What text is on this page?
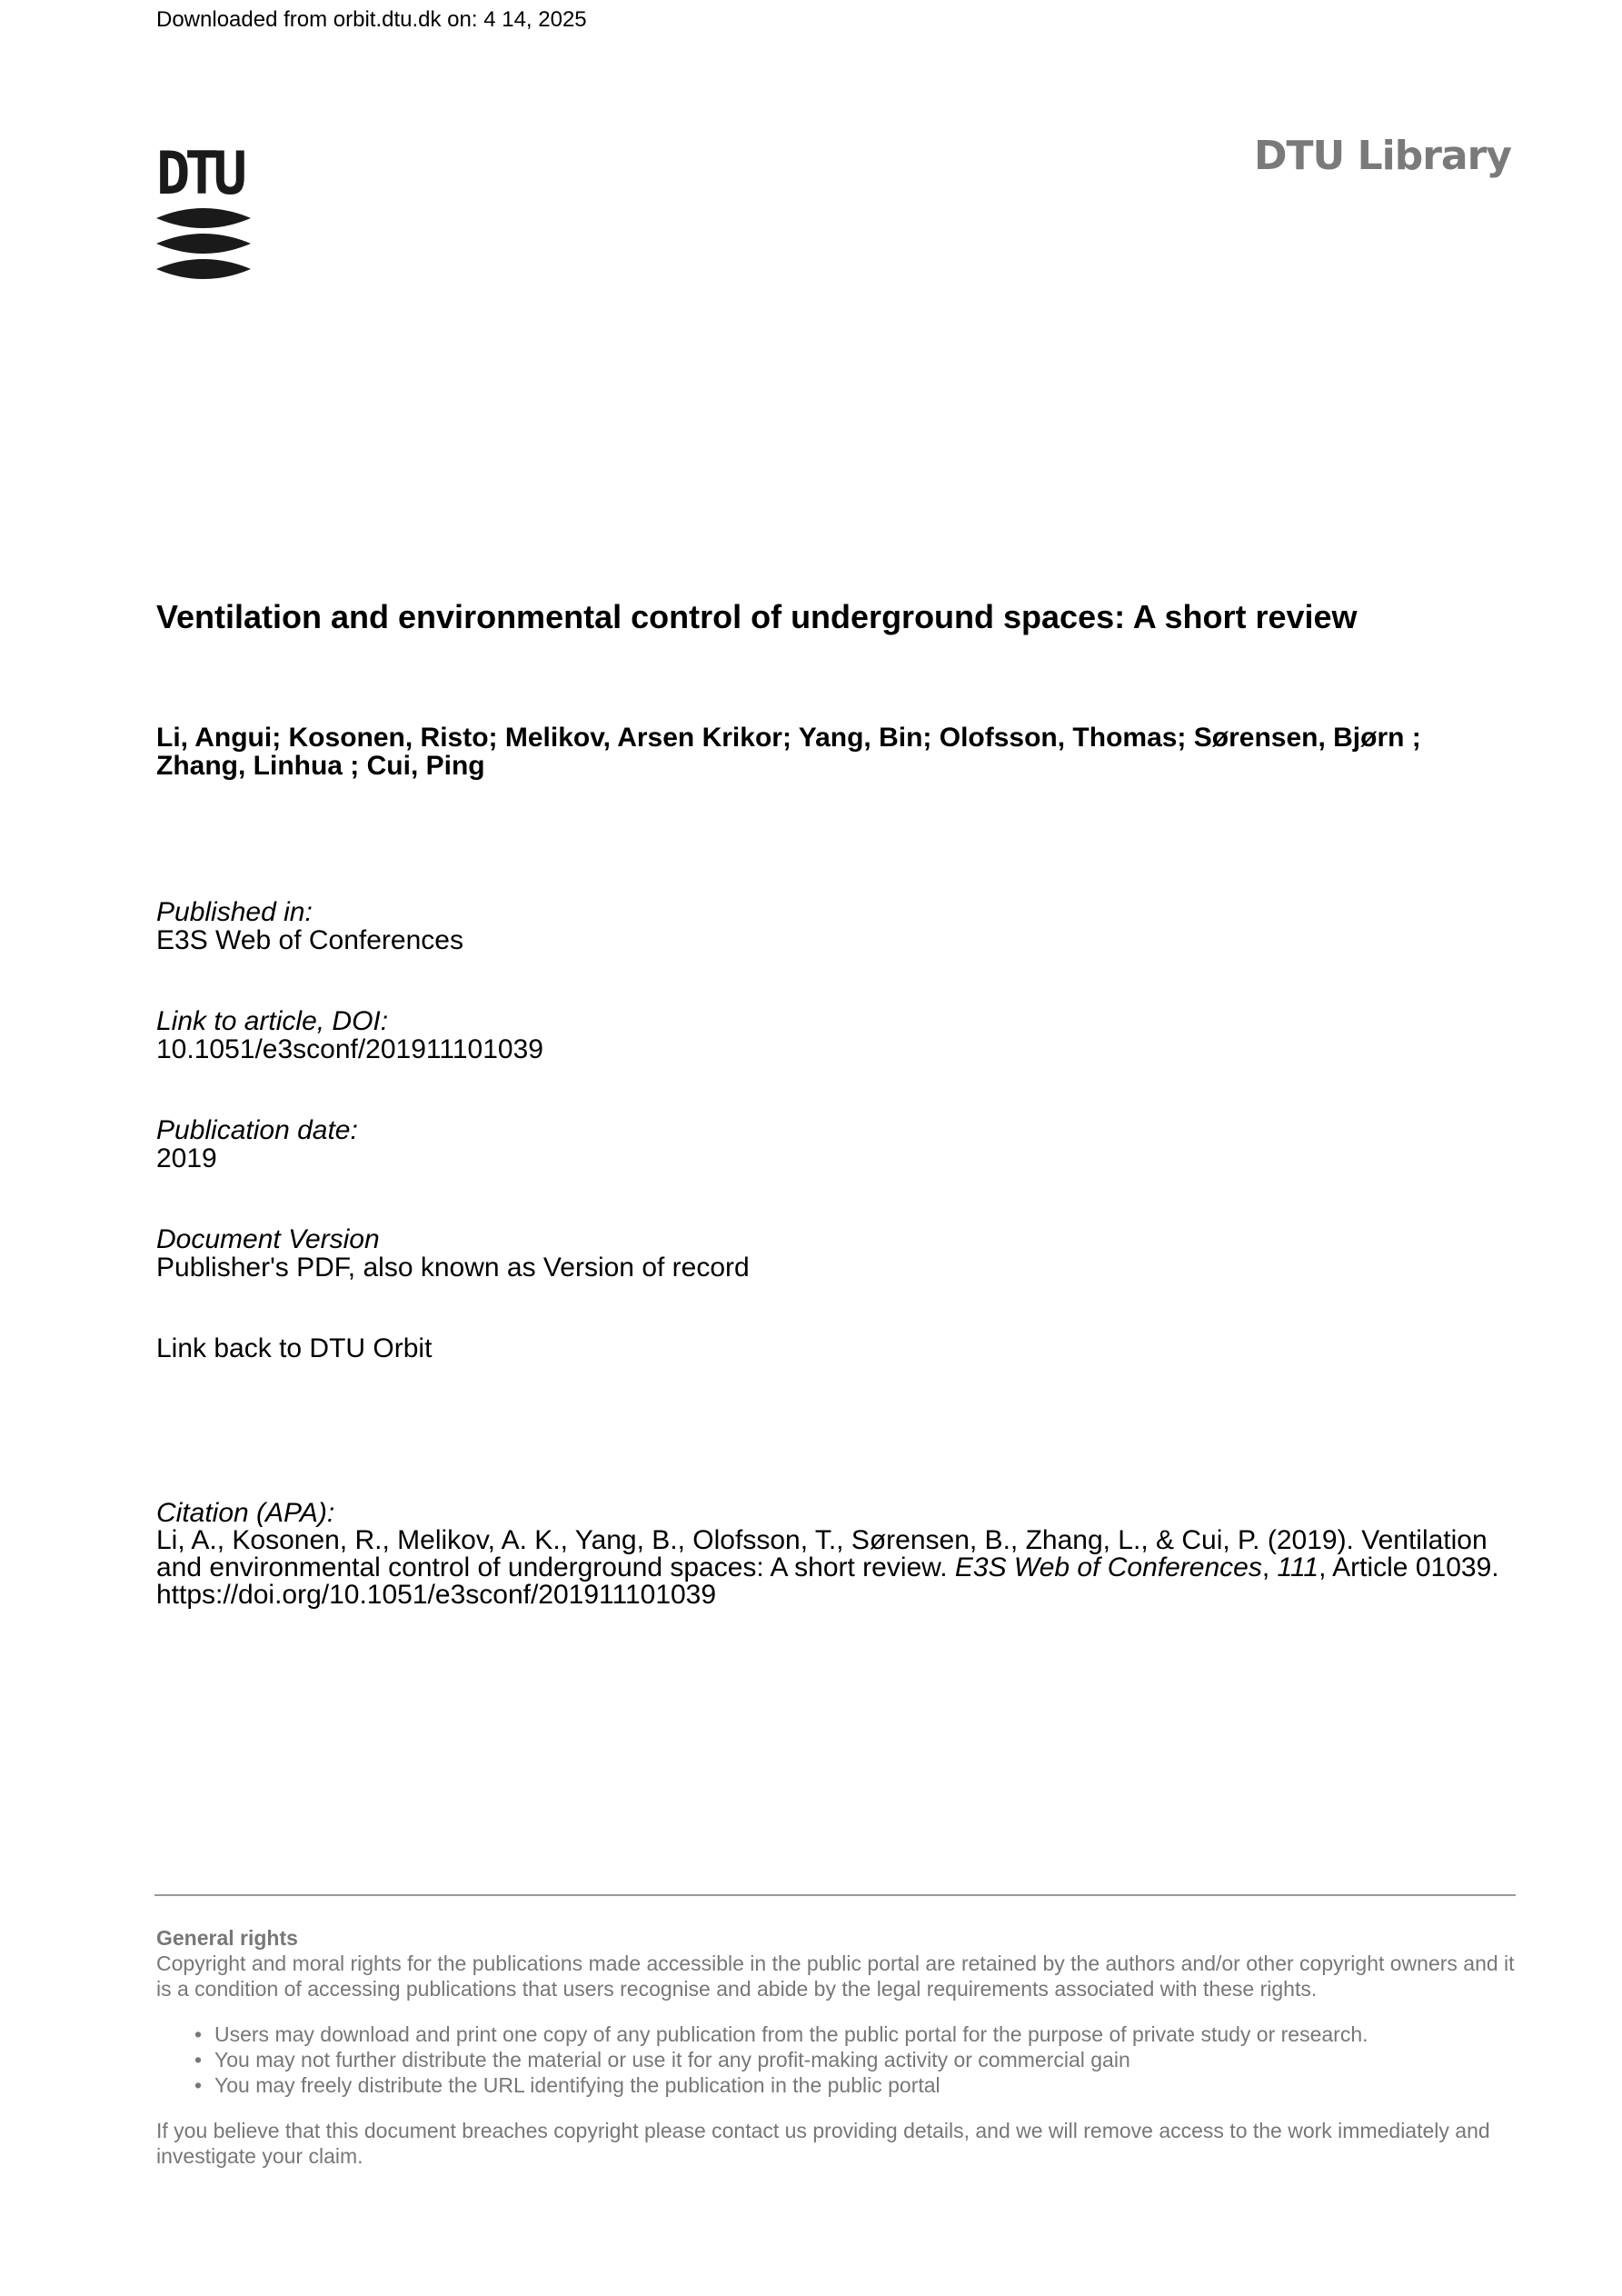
Downloaded from orbit.dtu.dk on: 4 14, 2025
DTU	DTU Library
Ventilation and environmental control of underground spaces: A short review
Li, Angui; Kosonen, Risto; Melikov, Arsen Krikor; Yang, Bin; Olofsson, Thomas; Sørensen, Bjørn ;
Zhang, Linhua ; Cui, Ping
Published in:
E3S Web of Conferences
Link to article, DOI:
10.1051/e3sconf/201911101039
Publication date:
2019
Document Version
Publisher's PDF, also known as Version of record
Link back to DTU Orbit
Citation (APA):
Li, A., Kosonen, R., Melikov, A. K., Yang, B., Olofsson, T., Sørensen, B., Zhang, L., & Cui, P. (2019). Ventilation and environmental control of underground spaces: A short review. E3S Web of Conferences, 111, Article 01039.
https://doi.org/10.1051/e3sconf/201911101039
General rights
Copyright and moral rights for the publications made accessible in the public portal are retained by the authors and/or other copyright owners and it is a condition of accessing publications that users recognise and abide by the legal requirements associated with these rights.
• Users may download and print one copy of any publication from the public portal for the purpose of private study or research.
• You may not further distribute the material or use it for any profit-making activity or commercial gain
• You may freely distribute the URL identifying the publication in the public portal
If you believe that this document breaches copyright please contact us providing details, and we will remove access to the work immediately and investigate your claim.
